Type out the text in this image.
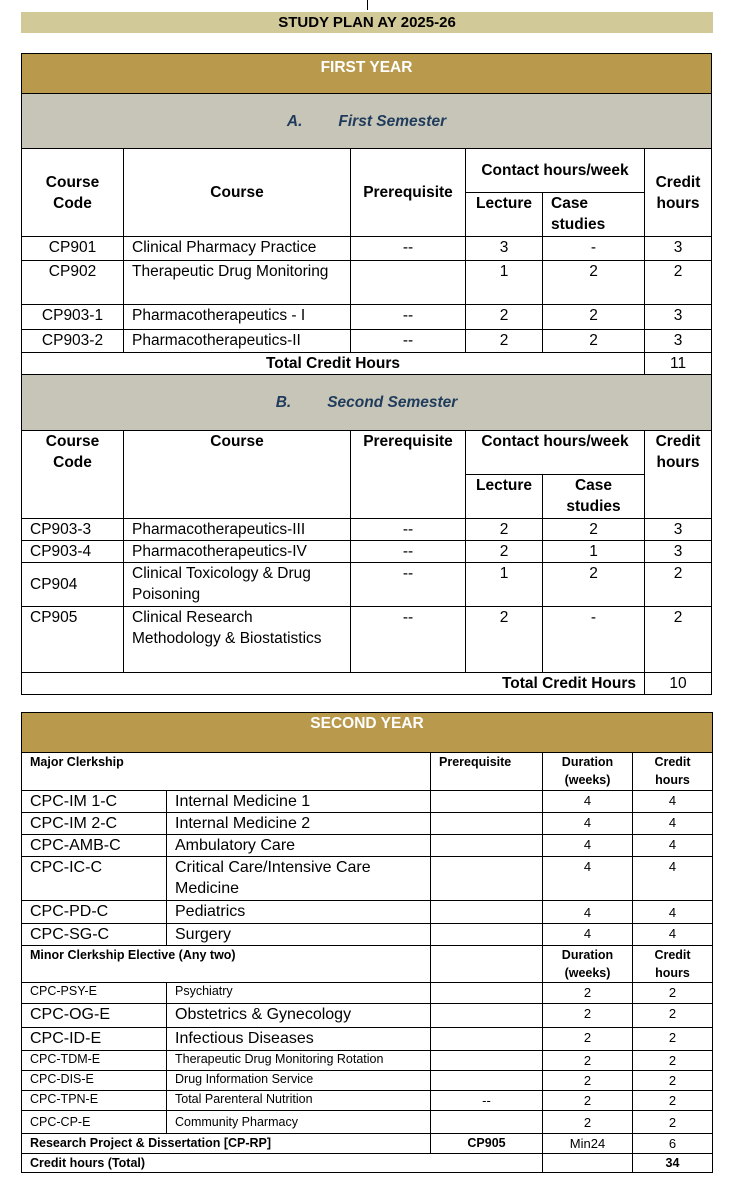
STUDY PLAN AY 2025-26
FIRST YEAR					
A. First Semester					
Course Code	Course	Prerequisite	Contact hours/week		Credit hours
			Lecture	Case studies	
CP901	Clinical Pharmacy Practice	--	3	-	3
CP902	Therapeutic Drug Monitoring		1	2	2
CP903-1	Pharmacotherapeutics - I	--	2	2	3
CP903-2	Pharmacotherapeutics-II	--	2	2	3
Total Credit Hours					11
B. Second Semester					
Course Code	Course	Prerequisite	Contact hours/week		Credit hours
			Lecture	Case studies	
CP903-3	Pharmacotherapeutics-III	--	2	2	3
CP903-4	Pharmacotherapeutics-IV	--	2	1	3
CP904	Clinical Toxicology & Drug Poisoning	--	1	2	2
CP905	Clinical Research Methodology & Biostatistics	--	2	-	2
Total Credit Hours					10
SECOND YEAR				
Major Clerkship		Prerequisite	Duration (weeks)	Credit hours
CPC-IM 1-C	Internal Medicine 1		4	4
CPC-IM 2-C	Internal Medicine 2		4	4
CPC-AMB-C	Ambulatory Care		4	4
CPC-IC-C	Critical Care/Intensive Care Medicine		4	4
CPC-PD-C	Pediatrics		4	4
CPC-SG-C	Surgery		4	4
Minor Clerkship Elective (Any two)			Duration (weeks)	Credit hours
CPC-PSY-E	Psychiatry		2	2
CPC-OG-E	Obstetrics & Gynecology		2	2
CPC-ID-E	Infectious Diseases		2	2
CPC-TDM-E	Therapeutic Drug Monitoring Rotation		2	2
CPC-DIS-E	Drug Information Service		2	2
CPC-TPN-E	Total Parenteral Nutrition	--	2	2
CPC-CP-E	Community Pharmacy		2	2
Research Project & Dissertation [CP-RP]		CP905	Min24	6
Credit hours (Total)				34
